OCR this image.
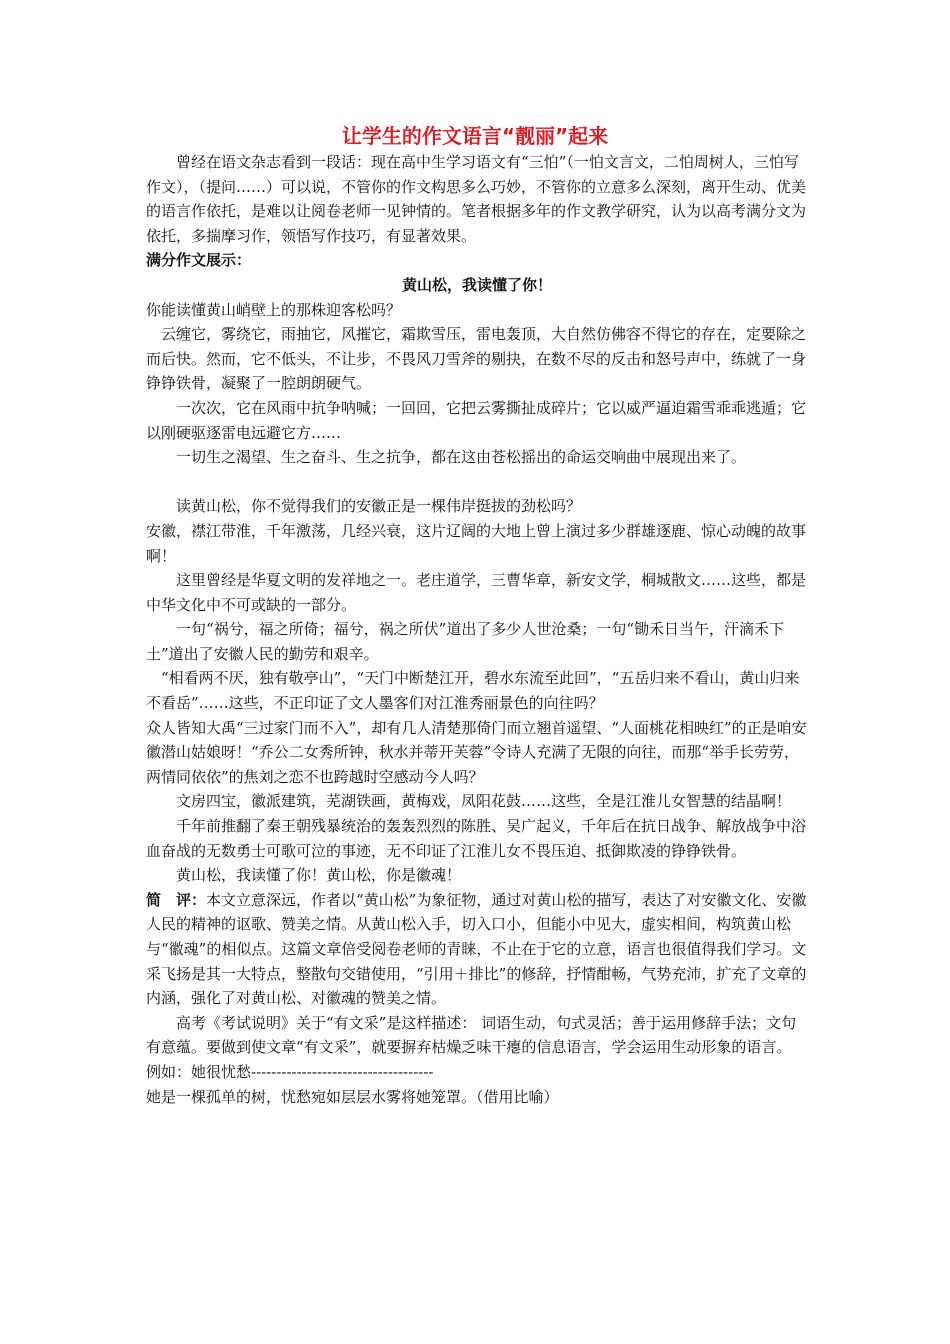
让学生的作文语言“靓丽”起来

曾经在语文杂志看到一段话：现在高中生学习语文有“三怕”（一怕文言文，二怕周树人，三怕写作文），（提问……）可以说，不管你的作文构思多么巧妙，不管你的立意多么深刻，离开生动、优美的语言作依托，是难以让阅卷老师一见钟情的。笔者根据多年的作文教学研究，认为以高考满分文为依托，多揣摩习作，领悟写作技巧，有显著效果。

满分作文展示：

黄山松，我读懂了你！

你能读懂黄山峭壁上的那株迎客松吗？

云缠它，雾绕它，雨抽它，风摧它，霜欺雪压，雷电轰顶，大自然仿佛容不得它的存在，定要除之而后快。然而，它不低头，不让步，不畏风刀雪斧的剔抉，在数不尽的反击和怒号声中，练就了一身铮铮铁骨，凝聚了一腔朗朗硬气。

一次次，它在风雨中抗争呐喊；一回回，它把云雾撕扯成碎片；它以威严逼迫霜雪乖乖逃遁；它以刚硬驱逐雷电远避它方……

一切生之渴望、生之奋斗、生之抗争，都在这由苍松摇出的命运交响曲中展现出来了。

读黄山松，你不觉得我们的安徽正是一棵伟岸挺拔的劲松吗？

安徽，襟江带淮，千年激荡，几经兴衰，这片辽阔的大地上曾上演过多少群雄逐鹿、惊心动魄的故事啊！

这里曾经是华夏文明的发祥地之一。老庄道学，三曹华章，新安文学，桐城散文……这些，都是中华文化中不可或缺的一部分。

一句“祸兮，福之所倚；福兮，祸之所伏”道出了多少人世沧桑；一句“锄禾日当午，汗滴禾下土”道出了安徽人民的勤劳和艰辛。

“相看两不厌，独有敬亭山”，“天门中断楚江开，碧水东流至此回”，“五岳归来不看山，黄山归来不看岳”……这些，不正印证了文人墨客们对江淮秀丽景色的向往吗？

众人皆知大禹“三过家门而不入”，却有几人清楚那倚门而立翘首遥望、“人面桃花相映红”的正是咱安徽潜山姑娘呀！“乔公二女秀所钟，秋水并蒂开芙蓉”令诗人充满了无限的向往，而那“举手长劳劳，两情同依依”的焦刘之恋不也跨越时空感动今人吗？

文房四宝，徽派建筑，芜湖铁画，黄梅戏，凤阳花鼓……这些，全是江淮儿女智慧的结晶啊！

千年前推翻了秦王朝残暴统治的轰轰烈烈的陈胜、吴广起义，千年后在抗日战争、解放战争中浴血奋战的无数勇士可歌可泣的事迹，无不印证了江淮儿女不畏压迫、抵御欺凌的铮铮铁骨。

黄山松，我读懂了你！黄山松，你是徽魂！

简　评：本文立意深远，作者以“黄山松”为象征物，通过对黄山松的描写，表达了对安徽文化、安徽人民的精神的讴歌、赞美之情。从黄山松入手，切入口小，但能小中见大，虚实相间，构筑黄山松与“徽魂”的相似点。这篇文章倍受阅卷老师的青睐，不止在于它的立意，语言也很值得我们学习。文采飞扬是其一大特点，整散句交错使用，“引用＋排比”的修辞，抒情酣畅，气势充沛，扩充了文章的内涵，强化了对黄山松、对徽魂的赞美之情。

高考《考试说明》关于“有文采”是这样描述： 词语生动，句式灵活；善于运用修辞手法；文句有意蕴。要做到使文章“有文采”，就要摒弃枯燥乏味干瘪的信息语言，学会运用生动形象的语言。

例如：她很忧愁------------------------------------

她是一棵孤单的树，忧愁宛如层层水雾将她笼罩。（借用比喻）
